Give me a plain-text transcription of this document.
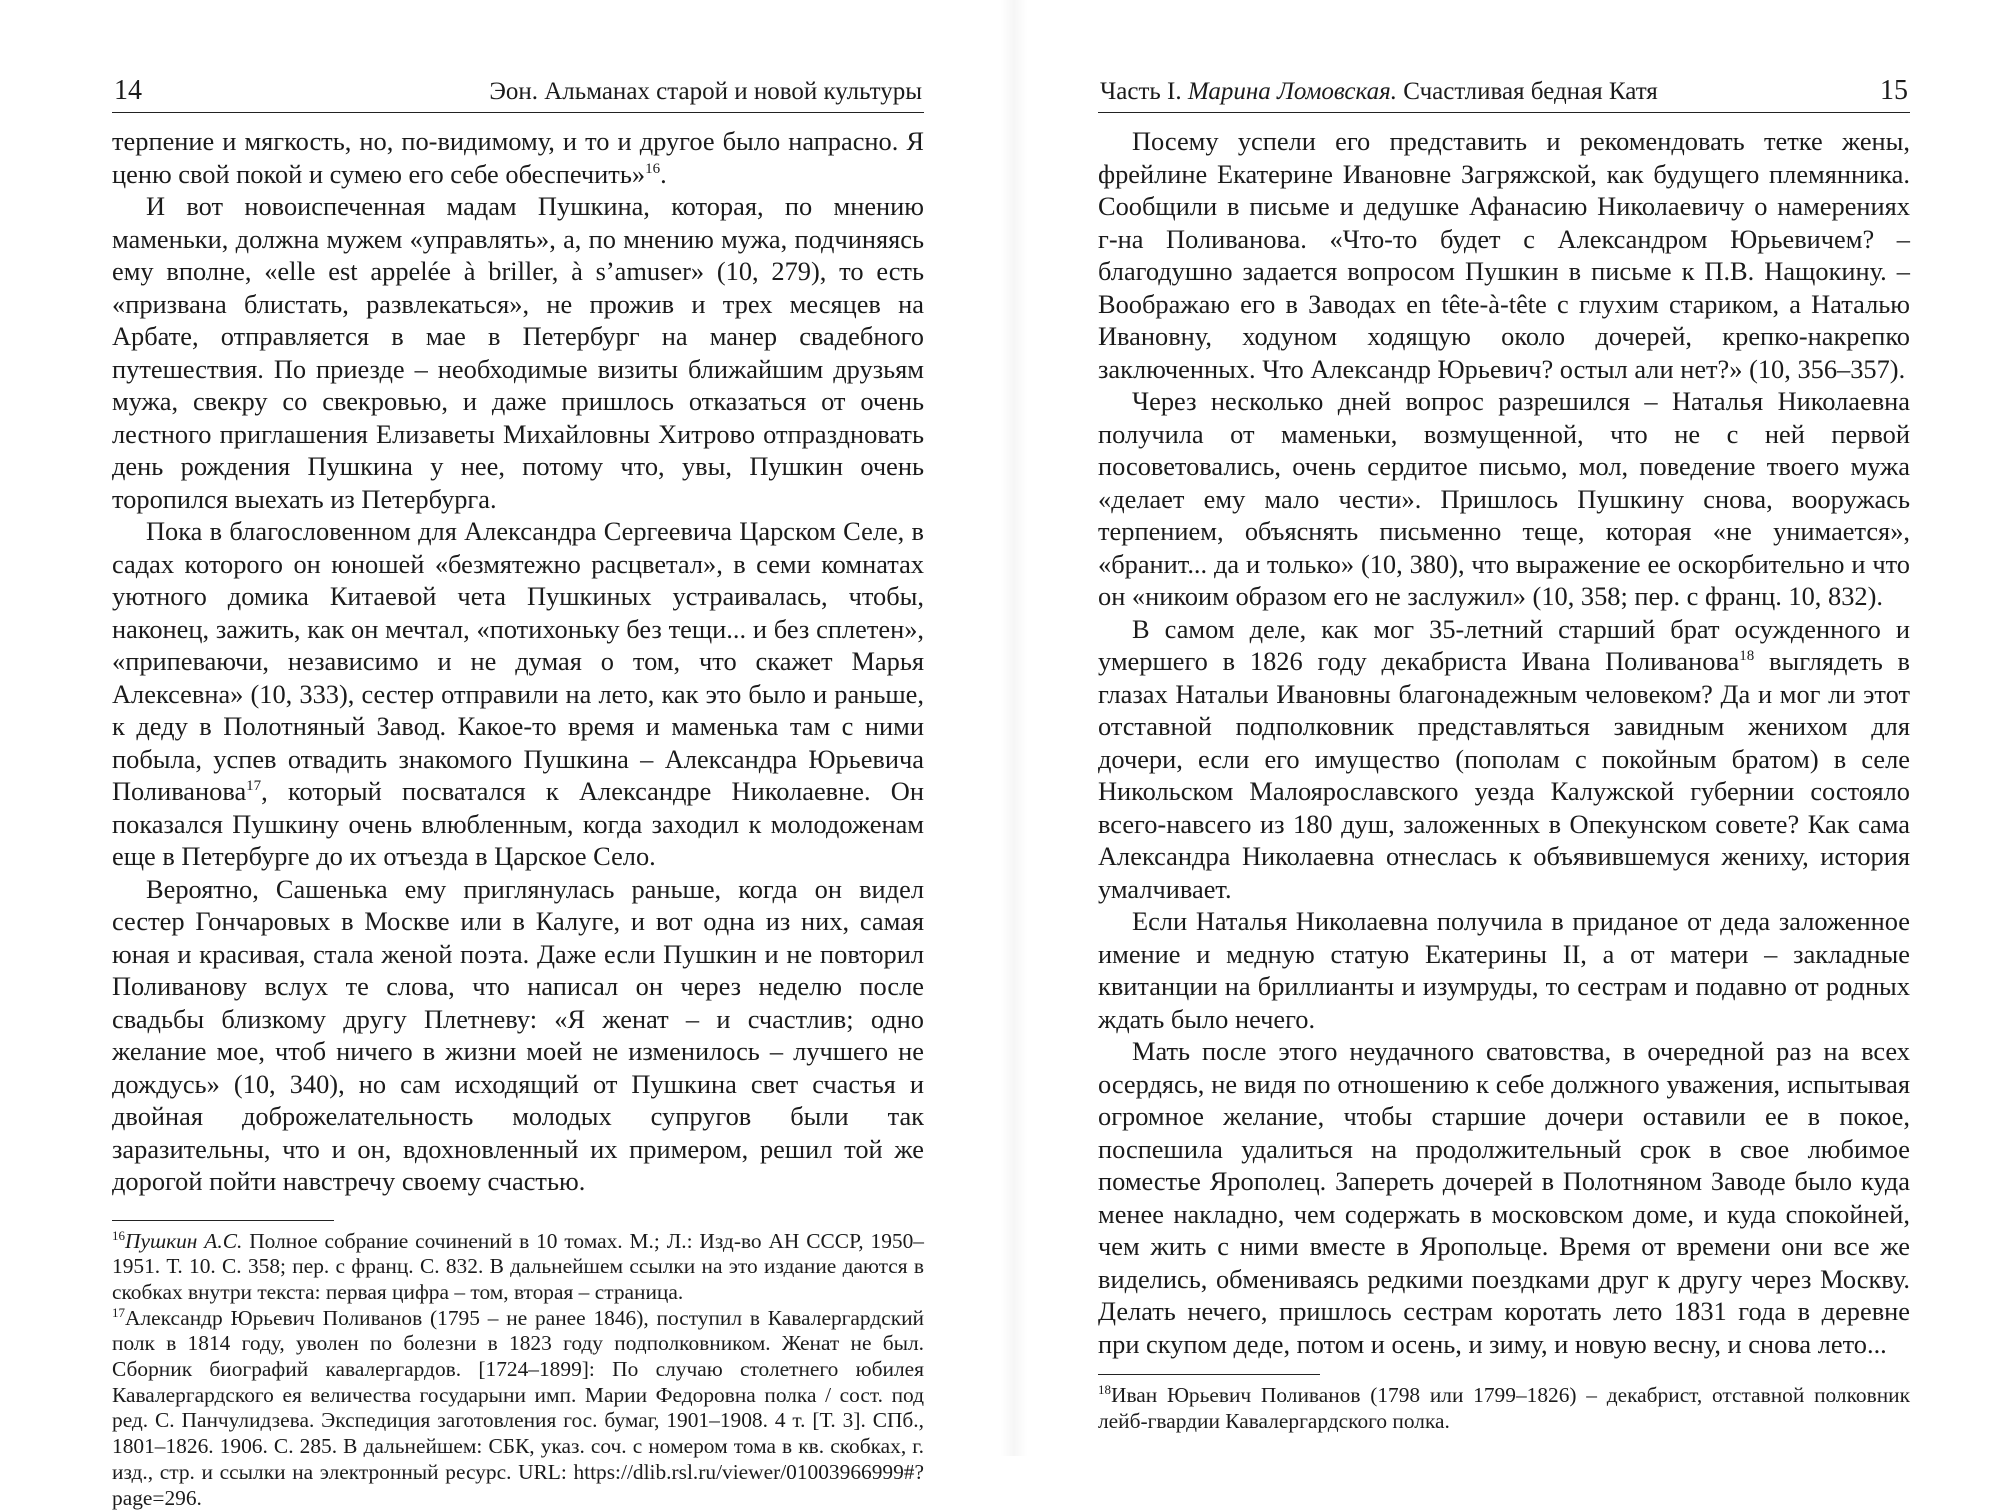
14	Эон. Альманах старой и новой культуры

терпение и мягкость, но, по-видимому, и то и другое было напрасно. Я ценю свой покой и сумею его себе обеспечить»$^{16}$.

И вот новоиспеченная мадам Пушкина, которая, по мнению маменьки, должна мужем «управлять», а, по мнению мужа, подчиняясь ему вполне, «elle est appelée à briller, à s’amuser» (10, 279), то есть «призвана блистать, развлекаться», не прожив и трех месяцев на Арбате, отправляется в мае в Петербург на манер свадебного путешествия. По приезде – необходимые визиты ближайшим друзьям мужа, свекру со свекровью, и даже пришлось отказаться от очень лестного приглашения Елизаветы Михайловны Хитрово отпраздновать день рождения Пушкина у нее, потому что, увы, Пушкин очень торопился выехать из Петербурга.

Пока в благословенном для Александра Сергеевича Царском Селе, в садах которого он юношей «безмятежно расцветал», в семи комнатах уютного домика Китаевой чета Пушкиных устраивалась, чтобы, наконец, зажить, как он мечтал, «потихоньку без тещи... и без сплетен», «припеваючи, независимо и не думая о том, что скажет Марья Алексевна» (10, 333), сестер отправили на лето, как это было и раньше, к деду в Полотняный Завод. Какое-то время и маменька там с ними побыла, успев отвадить знакомого Пушкина – Александра Юрьевича Поливанова$^{17}$, который посватался к Александре Николаевне. Он показался Пушкину очень влюбленным, когда заходил к молодоженам еще в Петербурге до их отъезда в Царское Село.

Вероятно, Сашенька ему приглянулась раньше, когда он видел сестер Гончаровых в Москве или в Калуге, и вот одна из них, самая юная и красивая, стала женой поэта. Даже если Пушкин и не повторил Поливанову вслух те слова, что написал он через неделю после свадьбы близкому другу Плетневу: «Я женат – и счастлив; одно желание мое, чтоб ничего в жизни моей не изменилось – лучшего не дождусь» (10, 340), но сам исходящий от Пушкина свет счастья и двойная доброжелательность молодых супругов были так заразительны, что и он, вдохновленный их примером, решил той же дорогой пойти навстречу своему счастью.

$^{16}$Пушкин А.С. Полное собрание сочинений в 10 томах. М.; Л.: Изд-во АН СССР, 1950–1951. Т. 10. С. 358; пер. с франц. С. 832. В дальнейшем ссылки на это издание даются в скобках внутри текста: первая цифра – том, вторая – страница.

$^{17}$Александр Юрьевич Поливанов (1795 – не ранее 1846), поступил в Кавалергардский полк в 1814 году, уволен по болезни в 1823 году подполковником. Женат не был. Сборник биографий кавалергардов. [1724–1899]: По случаю столетнего юбилея Кавалергардского ея величества государыни имп. Марии Федоровна полка / сост. под ред. С. Панчулидзева. Экспедиция заготовления гос. бумаг, 1901–1908. 4 т. [Т. 3]. СПб., 1801–1826. 1906. С. 285. В дальнейшем: СБК, указ. соч. с номером тома в кв. скобках, г. изд., стр. и ссылки на электронный ресурс. URL: https://dlib.rsl.ru/viewer/01003966999#?page=296.

Часть I. Марина Ломовская. Счастливая бедная Катя	15

Посему успели его представить и рекомендовать тетке жены, фрейлине Екатерине Ивановне Загряжской, как будущего племянника. Сообщили в письме и дедушке Афанасию Николаевичу о намерениях г-на Поливанова. «Что-то будет с Александром Юрьевичем? – благодушно задается вопросом Пушкин в письме к П.В. Нащокину. – Воображаю его в Заводах en tête-à-tête с глухим стариком, а Наталью Ивановну, ходуном ходящую около дочерей, крепко-накрепко заключенных. Что Александр Юрьевич? остыл али нет?» (10, 356–357).

Через несколько дней вопрос разрешился – Наталья Николаевна получила от маменьки, возмущенной, что не с ней первой посоветовались, очень сердитое письмо, мол, поведение твоего мужа «делает ему мало чести». Пришлось Пушкину снова, вооружась терпением, объяснять письменно теще, которая «не унимается», «бранит... да и только» (10, 380), что выражение ее оскорбительно и что он «никоим образом его не заслужил» (10, 358; пер. с франц. 10, 832).

В самом деле, как мог 35-летний старший брат осужденного и умершего в 1826 году декабриста Ивана Поливанова$^{18}$ выглядеть в глазах Натальи Ивановны благонадежным человеком? Да и мог ли этот отставной подполковник представляться завидным женихом для дочери, если его имущество (пополам с покойным братом) в селе Никольском Малоярославского уезда Калужской губернии состояло всего-навсего из 180 душ, заложенных в Опекунском совете? Как сама Александра Николаевна отнеслась к объявившемуся жениху, история умалчивает.

Если Наталья Николаевна получила в приданое от деда заложенное имение и медную статую Екатерины II, а от матери – закладные квитанции на бриллианты и изумруды, то сестрам и подавно от родных ждать было нечего.

Мать после этого неудачного сватовства, в очередной раз на всех осердясь, не видя по отношению к себе должного уважения, испытывая огромное желание, чтобы старшие дочери оставили ее в покое, поспешила удалиться на продолжительный срок в свое любимое поместье Ярополец. Запереть дочерей в Полотняном Заводе было куда менее накладно, чем содержать в московском доме, и куда спокойней, чем жить с ними вместе в Яропольце. Время от времени они все же виделись, обмениваясь редкими поездками друг к другу через Москву. Делать нечего, пришлось сестрам коротать лето 1831 года в деревне при скупом деде, потом и осень, и зиму, и новую весну, и снова лето...

$^{18}$Иван Юрьевич Поливанов (1798 или 1799–1826) – декабрист, отставной полковник лейб-гвардии Кавалергардского полка.
